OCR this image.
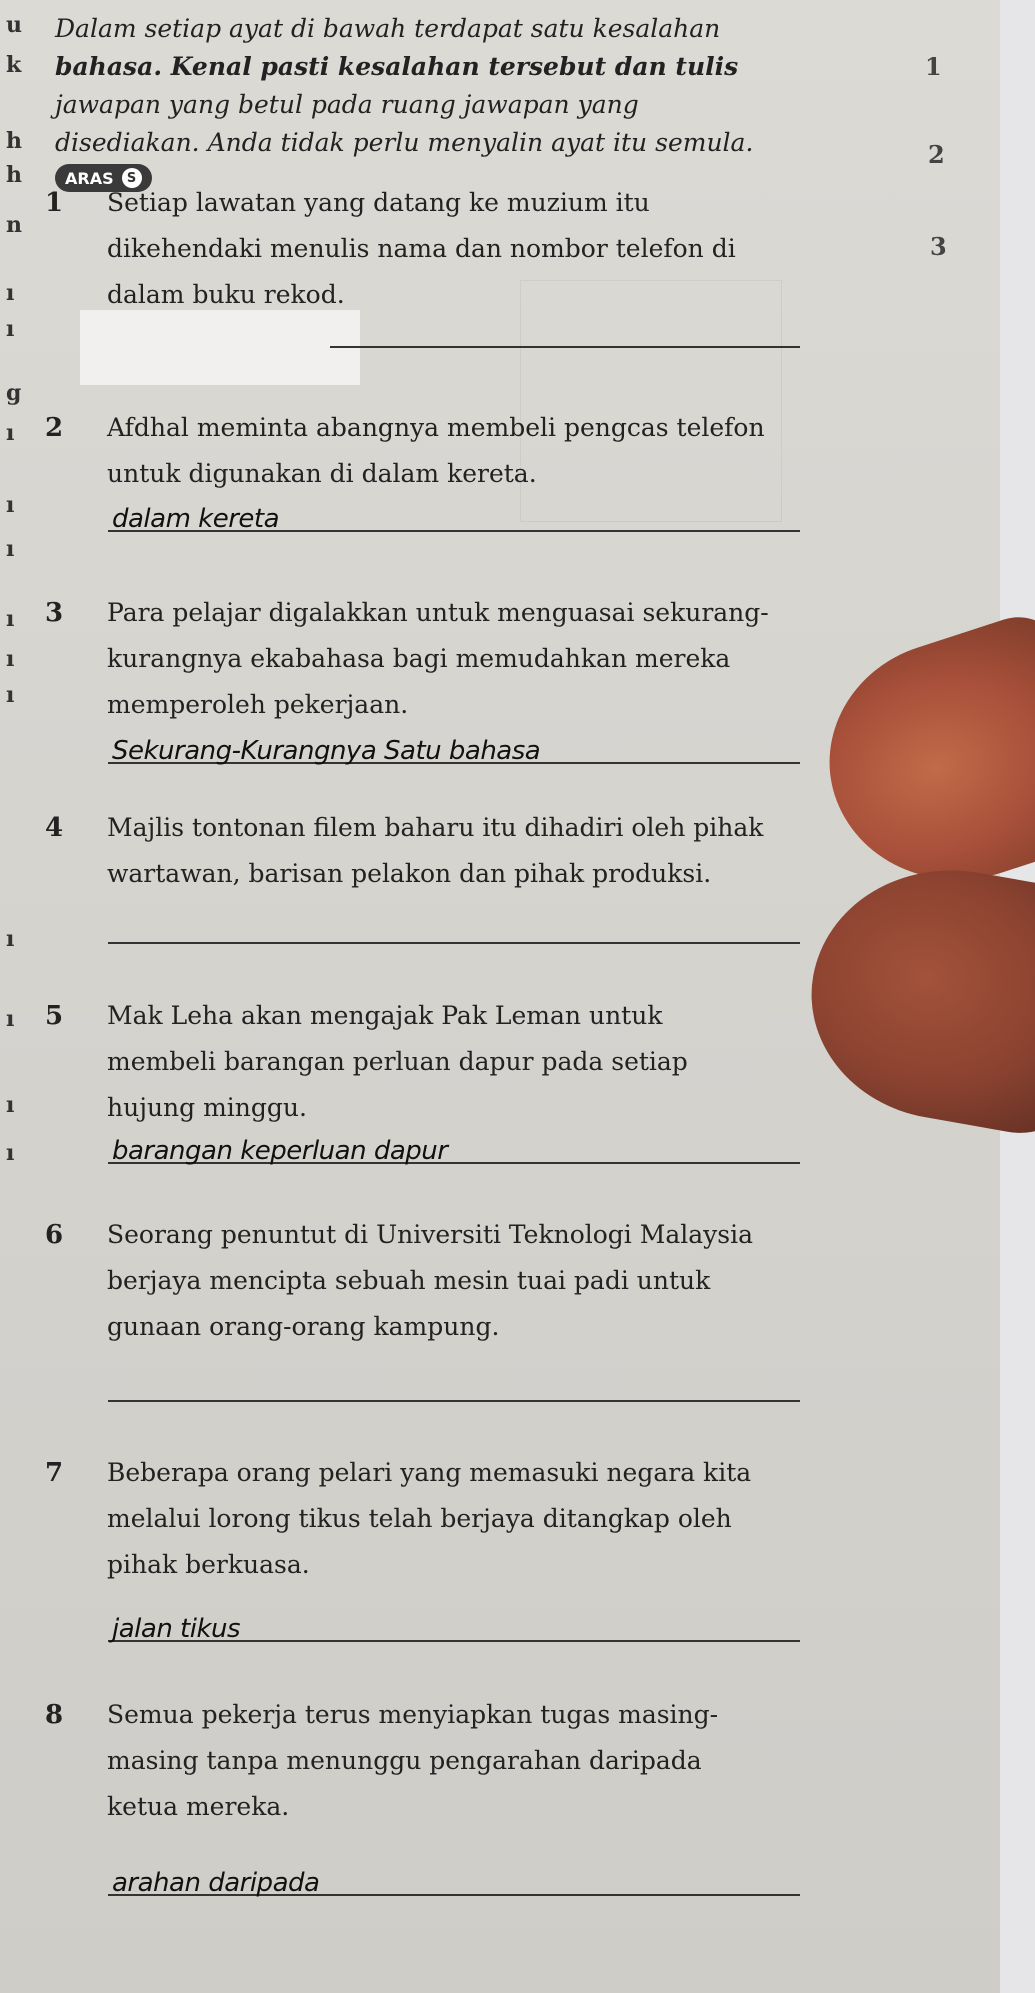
u
k
h
h
n
ı
ı
g
ı
ı
ı
ı
ı
ı
ı
ı
ı
ı
1
2
3
Dalam setiap ayat di bawah terdapat satu kesalahan
bahasa. Kenal pasti kesalahan tersebut dan tulis
jawapan yang betul pada ruang jawapan yang
disediakan. Anda tidak perlu menyalin ayat itu semula.
ARAS	S
1 Setiap lawatan yang datang ke muzium itu
dikehendaki menulis nama dan nombor telefon di
dalam buku rekod.
2 Afdhal meminta abangnya membeli pengcas telefon
untuk digunakan di dalam kereta.
dalam kereta
3 Para pelajar digalakkan untuk menguasai sekurang-
kurangnya ekabahasa bagi memudahkan mereka
memperoleh pekerjaan.
Sekurang-Kurangnya Satu bahasa
4 Majlis tontonan filem baharu itu dihadiri oleh pihak
wartawan, barisan pelakon dan pihak produksi.
5 Mak Leha akan mengajak Pak Leman untuk
membeli barangan perluan dapur pada setiap
hujung minggu.
barangan keperluan dapur
6 Seorang penuntut di Universiti Teknologi Malaysia
berjaya mencipta sebuah mesin tuai padi untuk
gunaan orang-orang kampung.
7 Beberapa orang pelari yang memasuki negara kita
melalui lorong tikus telah berjaya ditangkap oleh
pihak berkuasa.
jalan tikus
8 Semua pekerja terus menyiapkan tugas masing-
masing tanpa menunggu pengarahan daripada
ketua mereka.
arahan daripada
